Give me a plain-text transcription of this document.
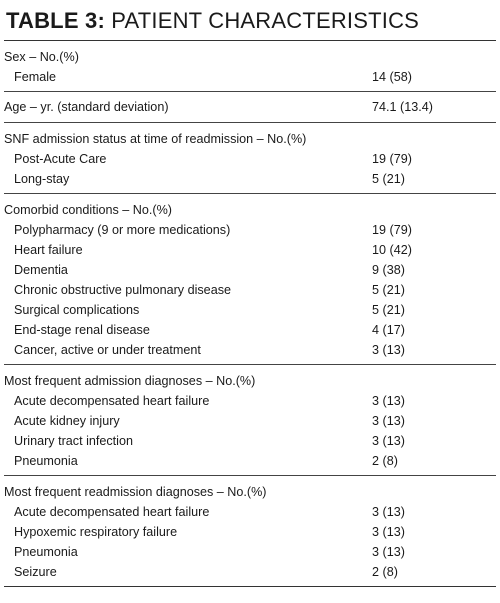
TABLE 3: PATIENT CHARACTERISTICS
Sex – No.(%)
Female	14 (58)
Age – yr. (standard deviation)	74.1 (13.4)
SNF admission status at time of readmission – No.(%)
Post-Acute Care	19 (79)
Long-stay	5 (21)
Comorbid conditions – No.(%)
Polypharmacy (9 or more medications)	19 (79)
Heart failure	10 (42)
Dementia	9 (38)
Chronic obstructive pulmonary disease	5 (21)
Surgical complications	5 (21)
End-stage renal disease	4 (17)
Cancer, active or under treatment	3 (13)
Most frequent admission diagnoses – No.(%)
Acute decompensated heart failure	3 (13)
Acute kidney injury	3 (13)
Urinary tract infection	3 (13)
Pneumonia	2 (8)
Most frequent readmission diagnoses – No.(%)
Acute decompensated heart failure	3 (13)
Hypoxemic respiratory failure	3 (13)
Pneumonia	3 (13)
Seizure	2 (8)
